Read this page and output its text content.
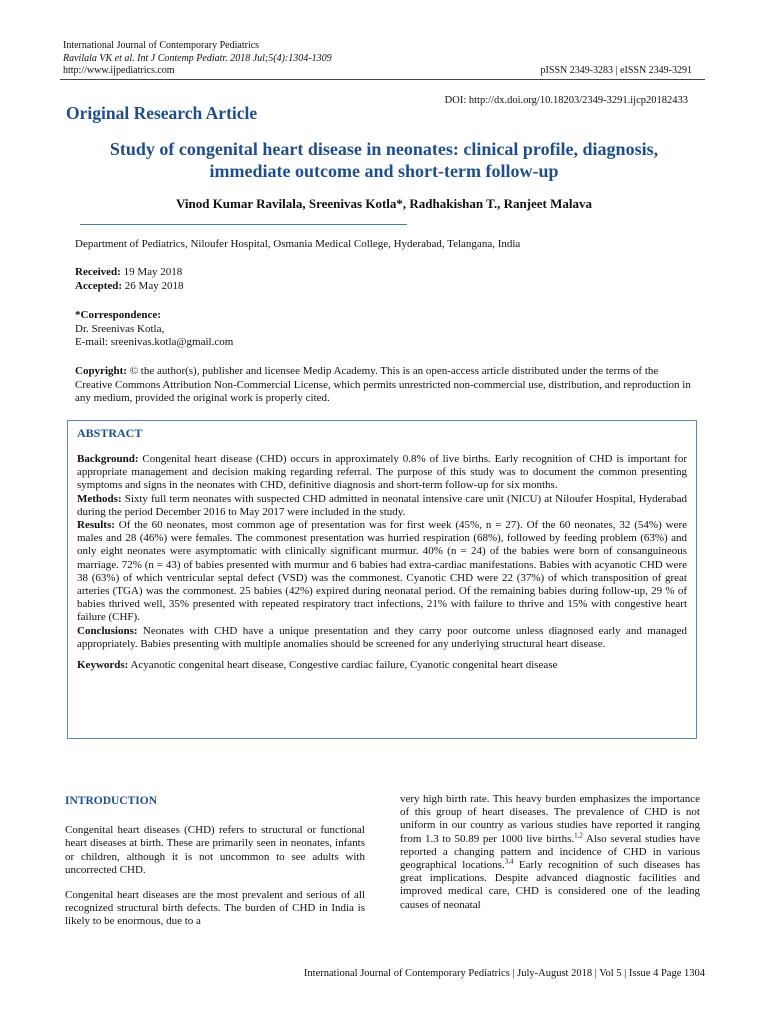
International Journal of Contemporary Pediatrics
Ravilala VK et al. Int J Contemp Pediatr. 2018 Jul;5(4):1304-1309
http://www.ijpediatrics.com	pISSN 2349-3283 | eISSN 2349-3291
Original Research Article
DOI: http://dx.doi.org/10.18203/2349-3291.ijcp20182433
Study of congenital heart disease in neonates: clinical profile, diagnosis,
immediate outcome and short-term follow-up
Vinod Kumar Ravilala, Sreenivas Kotla*, Radhakishan T., Ranjeet Malava
Department of Pediatrics, Niloufer Hospital, Osmania Medical College, Hyderabad, Telangana, India
Received: 19 May 2018
Accepted: 26 May 2018
*Correspondence:
Dr. Sreenivas Kotla,
E-mail: sreenivas.kotla@gmail.com
Copyright: © the author(s), publisher and licensee Medip Academy. This is an open-access article distributed under the terms of the Creative Commons Attribution Non-Commercial License, which permits unrestricted non-commercial use, distribution, and reproduction in any medium, provided the original work is properly cited.
ABSTRACT

Background: Congenital heart disease (CHD) occurs in approximately 0.8% of live births. Early recognition of CHD is important for appropriate management and decision making regarding referral. The purpose of this study was to document the common presenting symptoms and signs in the neonates with CHD, definitive diagnosis and short-term follow-up for six months.

Methods: Sixty full term neonates with suspected CHD admitted in neonatal intensive care unit (NICU) at Niloufer Hospital, Hyderabad during the period December 2016 to May 2017 were included in the study.

Results: Of the 60 neonates, most common age of presentation was for first week (45%, n = 27). Of the 60 neonates, 32 (54%) were males and 28 (46%) were females. The commonest presentation was hurried respiration (68%), followed by feeding problem (63%) and only eight neonates were asymptomatic with clinically significant murmur. 40% (n = 24) of the babies were born of consanguineous marriage. 72% (n = 43) of babies presented with murmur and 6 babies had extra-cardiac manifestations. Babies with acyanotic CHD were 38 (63%) of which ventricular septal defect (VSD) was the commonest. Cyanotic CHD were 22 (37%) of which transposition of great arteries (TGA) was the commonest. 25 babies (42%) expired during neonatal period. Of the remaining babies during follow-up, 29 % of babies thrived well, 35% presented with repeated respiratory tract infections, 21% with failure to thrive and 15% with congestive heart failure (CHF).

Conclusions: Neonates with CHD have a unique presentation and they carry poor outcome unless diagnosed early and managed appropriately. Babies presenting with multiple anomalies should be screened for any underlying structural heart disease.

Keywords: Acyanotic congenital heart disease, Congestive cardiac failure, Cyanotic congenital heart disease

INTRODUCTION

Congenital heart diseases (CHD) refers to structural or functional heart diseases at birth. These are primarily seen in neonates, infants or children, although it is not uncommon to see adults with uncorrected CHD.

Congenital heart diseases are the most prevalent and serious of all recognized structural birth defects. The burden of CHD in India is likely to be enormous, due to a

very high birth rate. This heavy burden emphasizes the importance of this group of heart diseases. The prevalence of CHD is not uniform in our country as various studies have reported it ranging from 1.3 to 50.89 per 1000 live births.$^{1,2}$ Also several studies have reported a changing pattern and incidence of CHD in various geographical locations.$^{3,4}$ Early recognition of such diseases has great implications. Despite advanced diagnostic facilities and improved medical care, CHD is considered one of the leading causes of neonatal

International Journal of Contemporary Pediatrics | July-August 2018 | Vol 5 | Issue 4 Page 1304
